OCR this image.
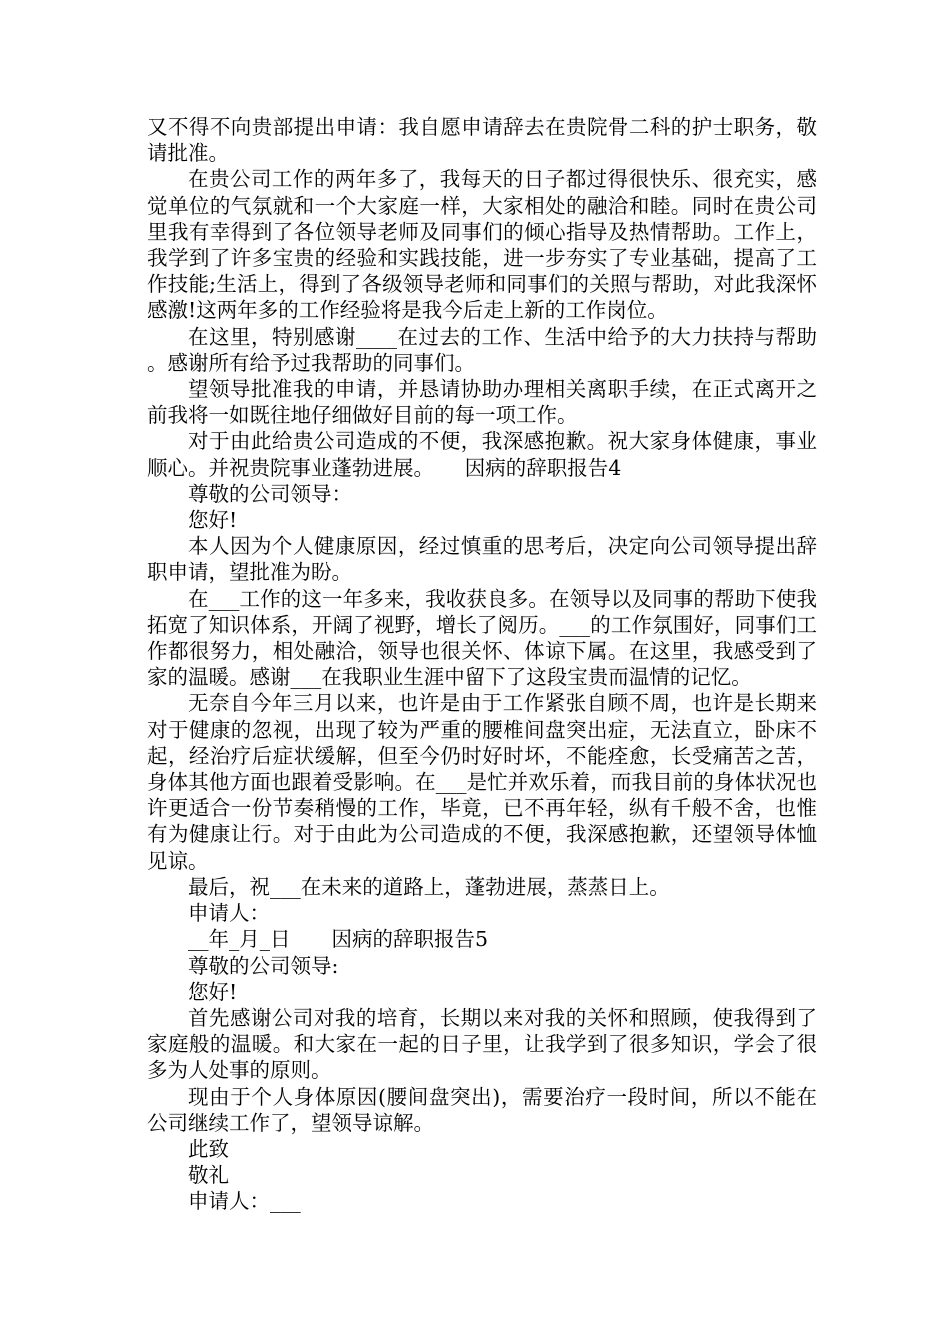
又不得不向贵部提出申请：我自愿申请辞去在贵院骨二科的护士职务，敬请批准。

在贵公司工作的两年多了，我每天的日子都过得很快乐、很充实，感觉单位的气氛就和一个大家庭一样，大家相处的融洽和睦。同时在贵公司里我有幸得到了各位领导老师及同事们的倾心指导及热情帮助。工作上，我学到了许多宝贵的经验和实践技能，进一步夯实了专业基础，提高了工作技能;生活上，得到了各级领导老师和同事们的关照与帮助，对此我深怀感激!这两年多的工作经验将是我今后走上新的工作岗位。

在这里，特别感谢____在过去的工作、生活中给予的大力扶持与帮助。感谢所有给予过我帮助的同事们。

望领导批准我的申请，并恳请协助办理相关离职手续，在正式离开之前我将一如既往地仔细做好目前的每一项工作。

对于由此给贵公司造成的不便，我深感抱歉。祝大家身体健康，事业顺心。并祝贵院事业蓬勃进展。　　因病的辞职报告4

尊敬的公司领导：

您好!

本人因为个人健康原因，经过慎重的思考后，决定向公司领导提出辞职申请，望批准为盼。

在___工作的这一年多来，我收获良多。在领导以及同事的帮助下使我拓宽了知识体系，开阔了视野，增长了阅历。___的工作氛围好，同事们工作都很努力，相处融洽，领导也很关怀、体谅下属。在这里，我感受到了家的温暖。感谢___在我职业生涯中留下了这段宝贵而温情的记忆。

无奈自今年三月以来，也许是由于工作紧张自顾不周，也许是长期来对于健康的忽视，出现了较为严重的腰椎间盘突出症，无法直立，卧床不起，经治疗后症状缓解，但至今仍时好时坏，不能痊愈，长受痛苦之苦，身体其他方面也跟着受影响。在___是忙并欢乐着，而我目前的身体状况也许更适合一份节奏稍慢的工作，毕竟，已不再年轻，纵有千般不舍，也惟有为健康让行。对于由此为公司造成的不便，我深感抱歉，还望领导体恤见谅。

最后，祝___在未来的道路上，蓬勃进展，蒸蒸日上。

申请人：

__年_月_日　　因病的辞职报告5

尊敬的公司领导:

您好!

首先感谢公司对我的培育，长期以来对我的关怀和照顾，使我得到了家庭般的温暖。和大家在一起的日子里，让我学到了很多知识，学会了很多为人处事的原则。

现由于个人身体原因(腰间盘突出)，需要治疗一段时间，所以不能在公司继续工作了，望领导谅解。

此致

敬礼

申请人：___
